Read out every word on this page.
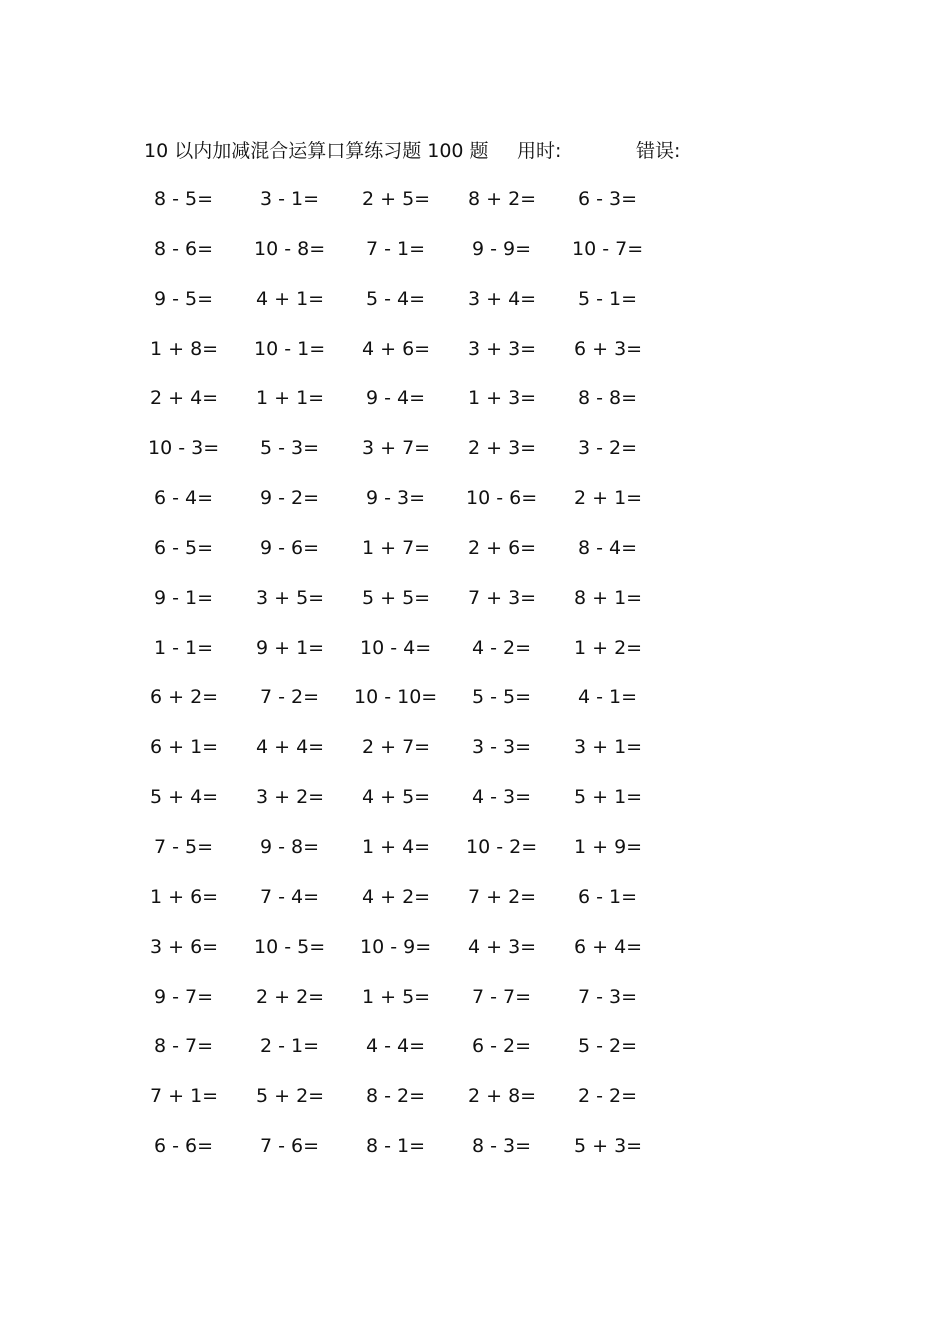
10 以内加减混合运算口算练习题 100 题 用时:	错误:
8 - 5= 3 - 1= 2 + 5= 8 + 2= 6 - 3=
8 - 6= 10 - 8= 7 - 1= 9 - 9= 10 - 7=
9 - 5= 4 + 1= 5 - 4= 3 + 4= 5 - 1=
1 + 8= 10 - 1= 4 + 6= 3 + 3= 6 + 3=
2 + 4= 1 + 1= 9 - 4= 1 + 3= 8 - 8=
10 - 3= 5 - 3= 3 + 7= 2 + 3= 3 - 2=
6 - 4= 9 - 2= 9 - 3= 10 - 6= 2 + 1=
6 - 5= 9 - 6= 1 + 7= 2 + 6= 8 - 4=
9 - 1= 3 + 5= 5 + 5= 7 + 3= 8 + 1=
1 - 1= 9 + 1= 10 - 4= 4 - 2= 1 + 2=
6 + 2= 7 - 2= 10 - 10= 5 - 5= 4 - 1=
6 + 1= 4 + 4= 2 + 7= 3 - 3= 3 + 1=
5 + 4= 3 + 2= 4 + 5= 4 - 3= 5 + 1=
7 - 5= 9 - 8= 1 + 4= 10 - 2= 1 + 9=
1 + 6= 7 - 4= 4 + 2= 7 + 2= 6 - 1=
3 + 6= 10 - 5= 10 - 9= 4 + 3= 6 + 4=
9 - 7= 2 + 2= 1 + 5= 7 - 7= 7 - 3=
8 - 7= 2 - 1= 4 - 4= 6 - 2= 5 - 2=
7 + 1= 5 + 2= 8 - 2= 2 + 8= 2 - 2=
6 - 6= 7 - 6= 8 - 1= 8 - 3= 5 + 3=
